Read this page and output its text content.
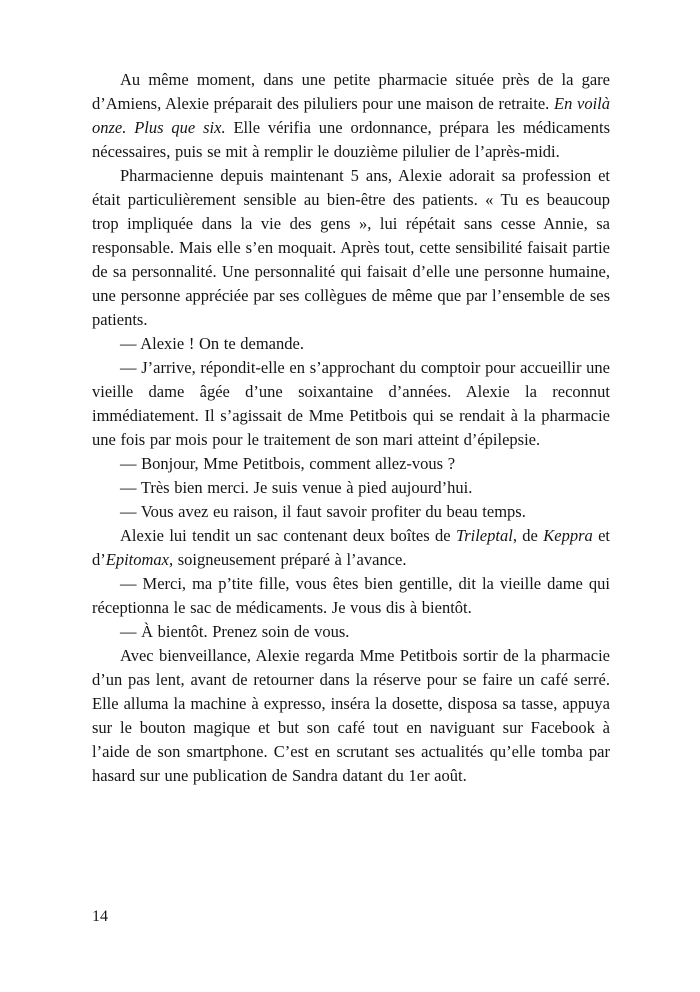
Au même moment, dans une petite pharmacie située près de la gare d’Amiens, Alexie préparait des piluliers pour une maison de retraite. En voilà onze. Plus que six. Elle vérifia une ordonnance, prépara les médicaments nécessaires, puis se mit à remplir le douzième pilulier de l’après-midi.

Pharmacienne depuis maintenant 5 ans, Alexie adorait sa profession et était particulièrement sensible au bien-être des patients. « Tu es beaucoup trop impliquée dans la vie des gens », lui répétait sans cesse Annie, sa responsable. Mais elle s’en moquait. Après tout, cette sensibilité faisait partie de sa personnalité. Une personnalité qui faisait d’elle une personne humaine, une personne appréciée par ses collègues de même que par l’ensemble de ses patients.

— Alexie ! On te demande.

— J’arrive, répondit-elle en s’approchant du comptoir pour accueillir une vieille dame âgée d’une soixantaine d’années. Alexie la reconnut immédiatement. Il s’agissait de Mme Petitbois qui se rendait à la pharmacie une fois par mois pour le traitement de son mari atteint d’épilepsie.

— Bonjour, Mme Petitbois, comment allez-vous ?

— Très bien merci. Je suis venue à pied aujourd’hui.

— Vous avez eu raison, il faut savoir profiter du beau temps.

Alexie lui tendit un sac contenant deux boîtes de Trileptal, de Keppra et d’Epitomax, soigneusement préparé à l’avance.

— Merci, ma p’tite fille, vous êtes bien gentille, dit la vieille dame qui réceptionna le sac de médicaments. Je vous dis à bientôt.

— À bientôt. Prenez soin de vous.

Avec bienveillance, Alexie regarda Mme Petitbois sortir de la pharmacie d’un pas lent, avant de retourner dans la réserve pour se faire un café serré. Elle alluma la machine à expresso, inséra la dosette, disposa sa tasse, appuya sur le bouton magique et but son café tout en naviguant sur Facebook à l’aide de son smartphone. C’est en scrutant ses actualités qu’elle tomba par hasard sur une publication de Sandra datant du 1er août.

14
